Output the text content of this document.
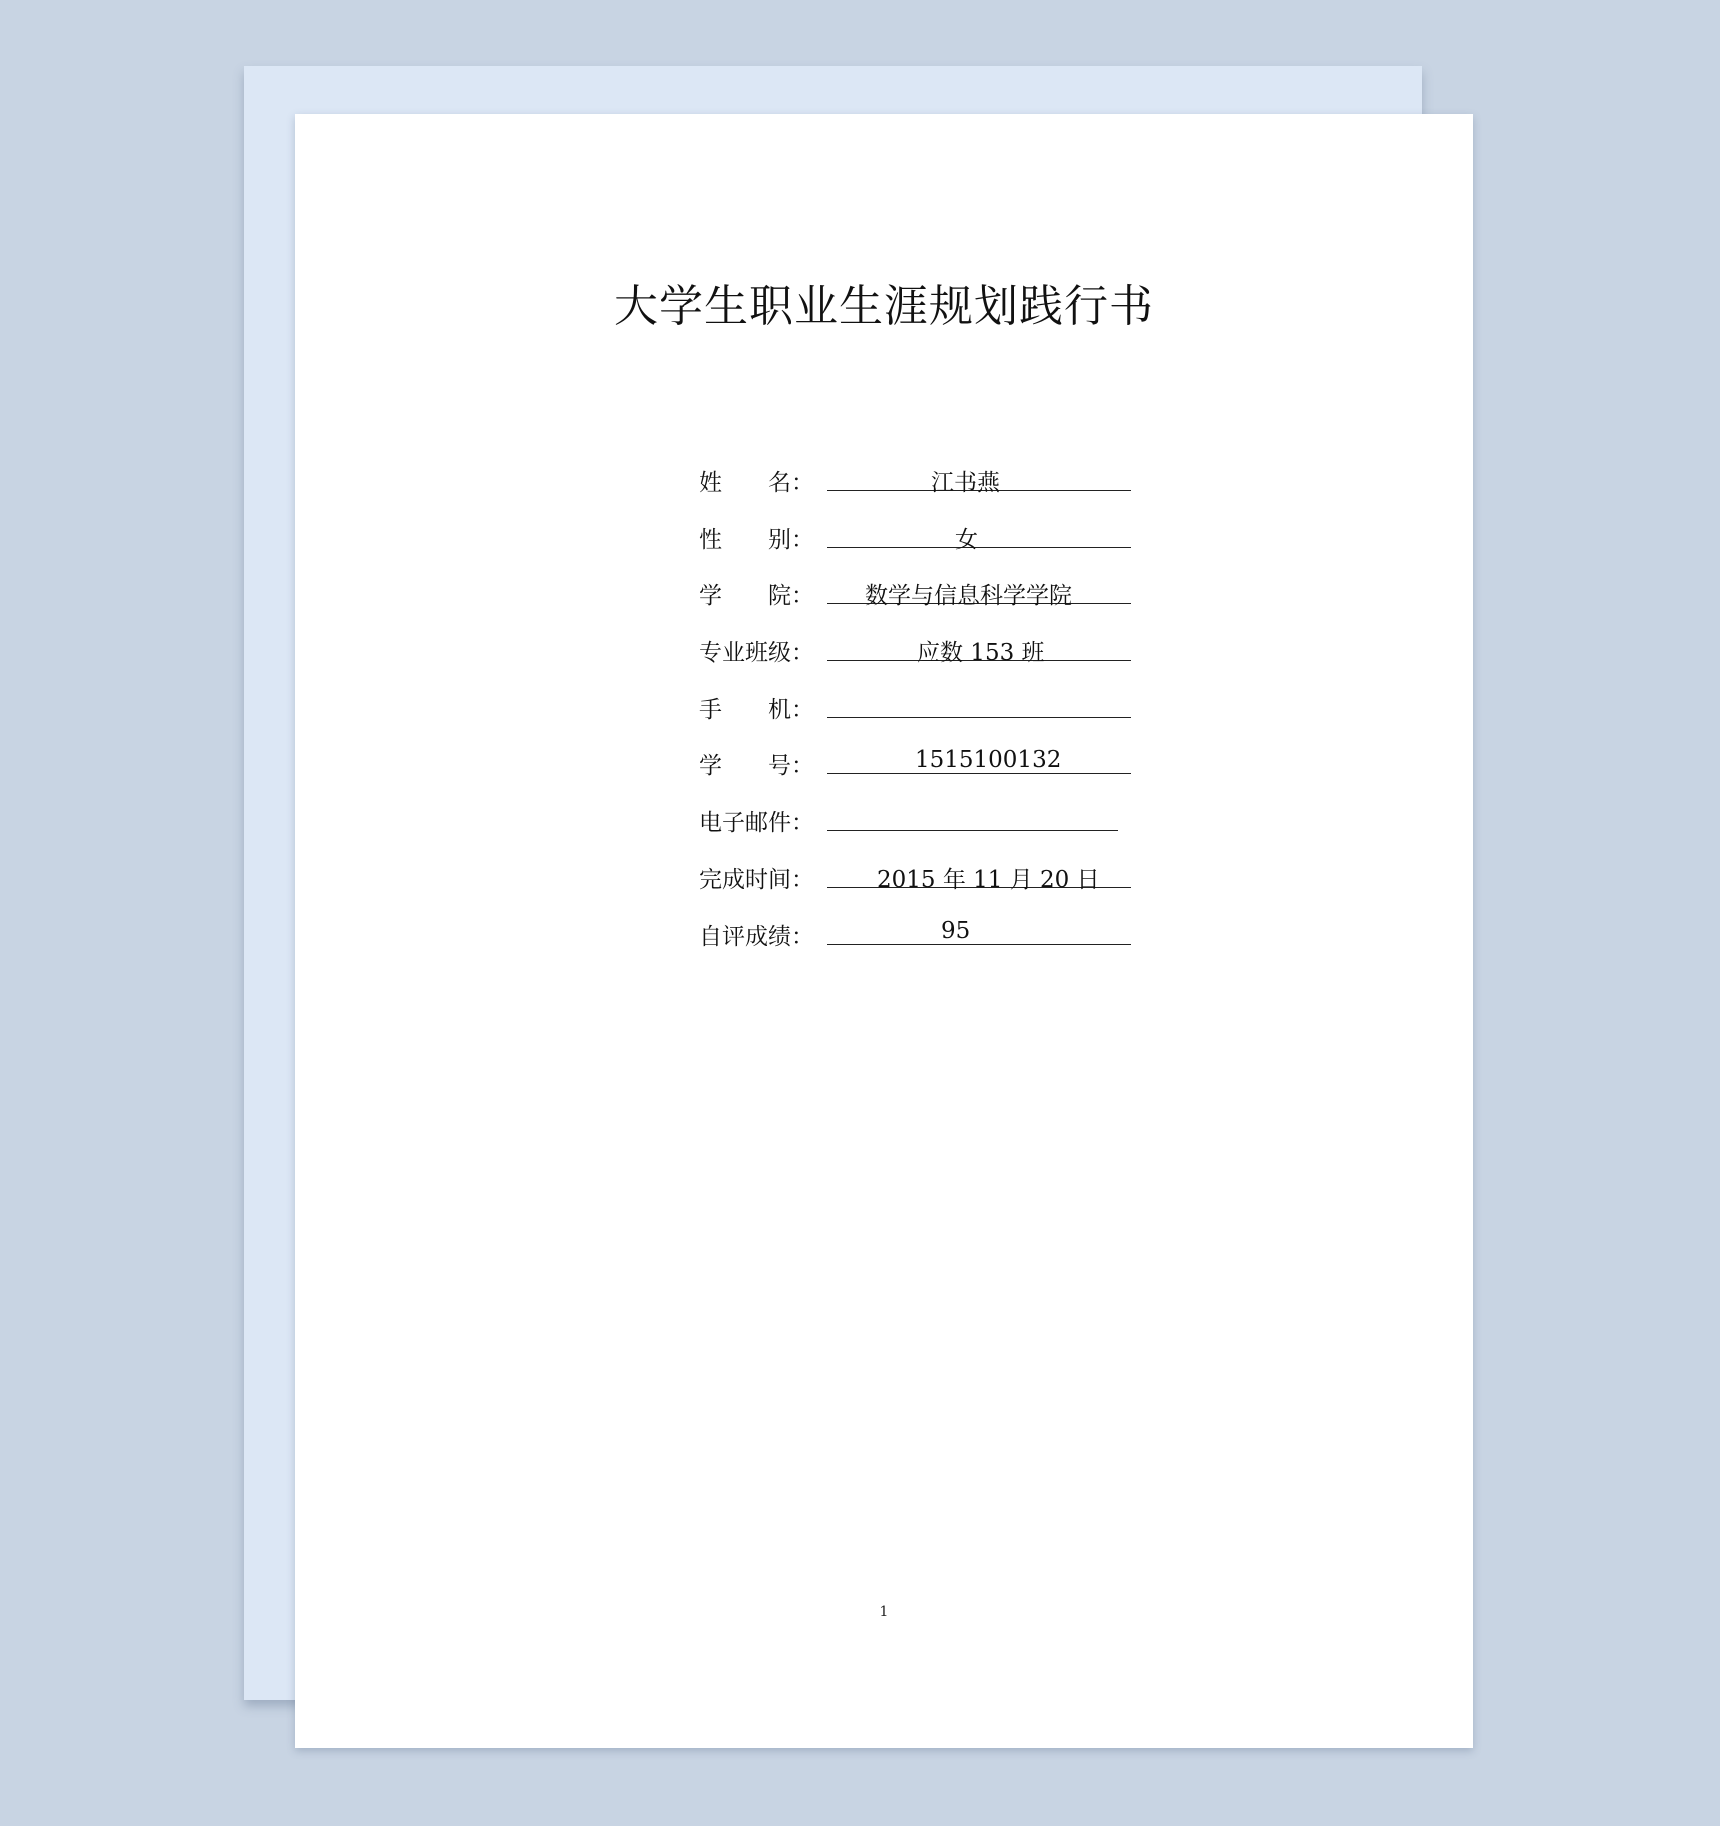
大学生职业生涯规划践行书
姓　　名：	江书燕
性　　别：	女
学　　院： 数学与信息科学学院
专业班级：	应数 153 班
手　　机：
学　　号：	1515100132
电子邮件：
完成时间：	2015 年 11 月 20 日
自评成绩：	95
1
